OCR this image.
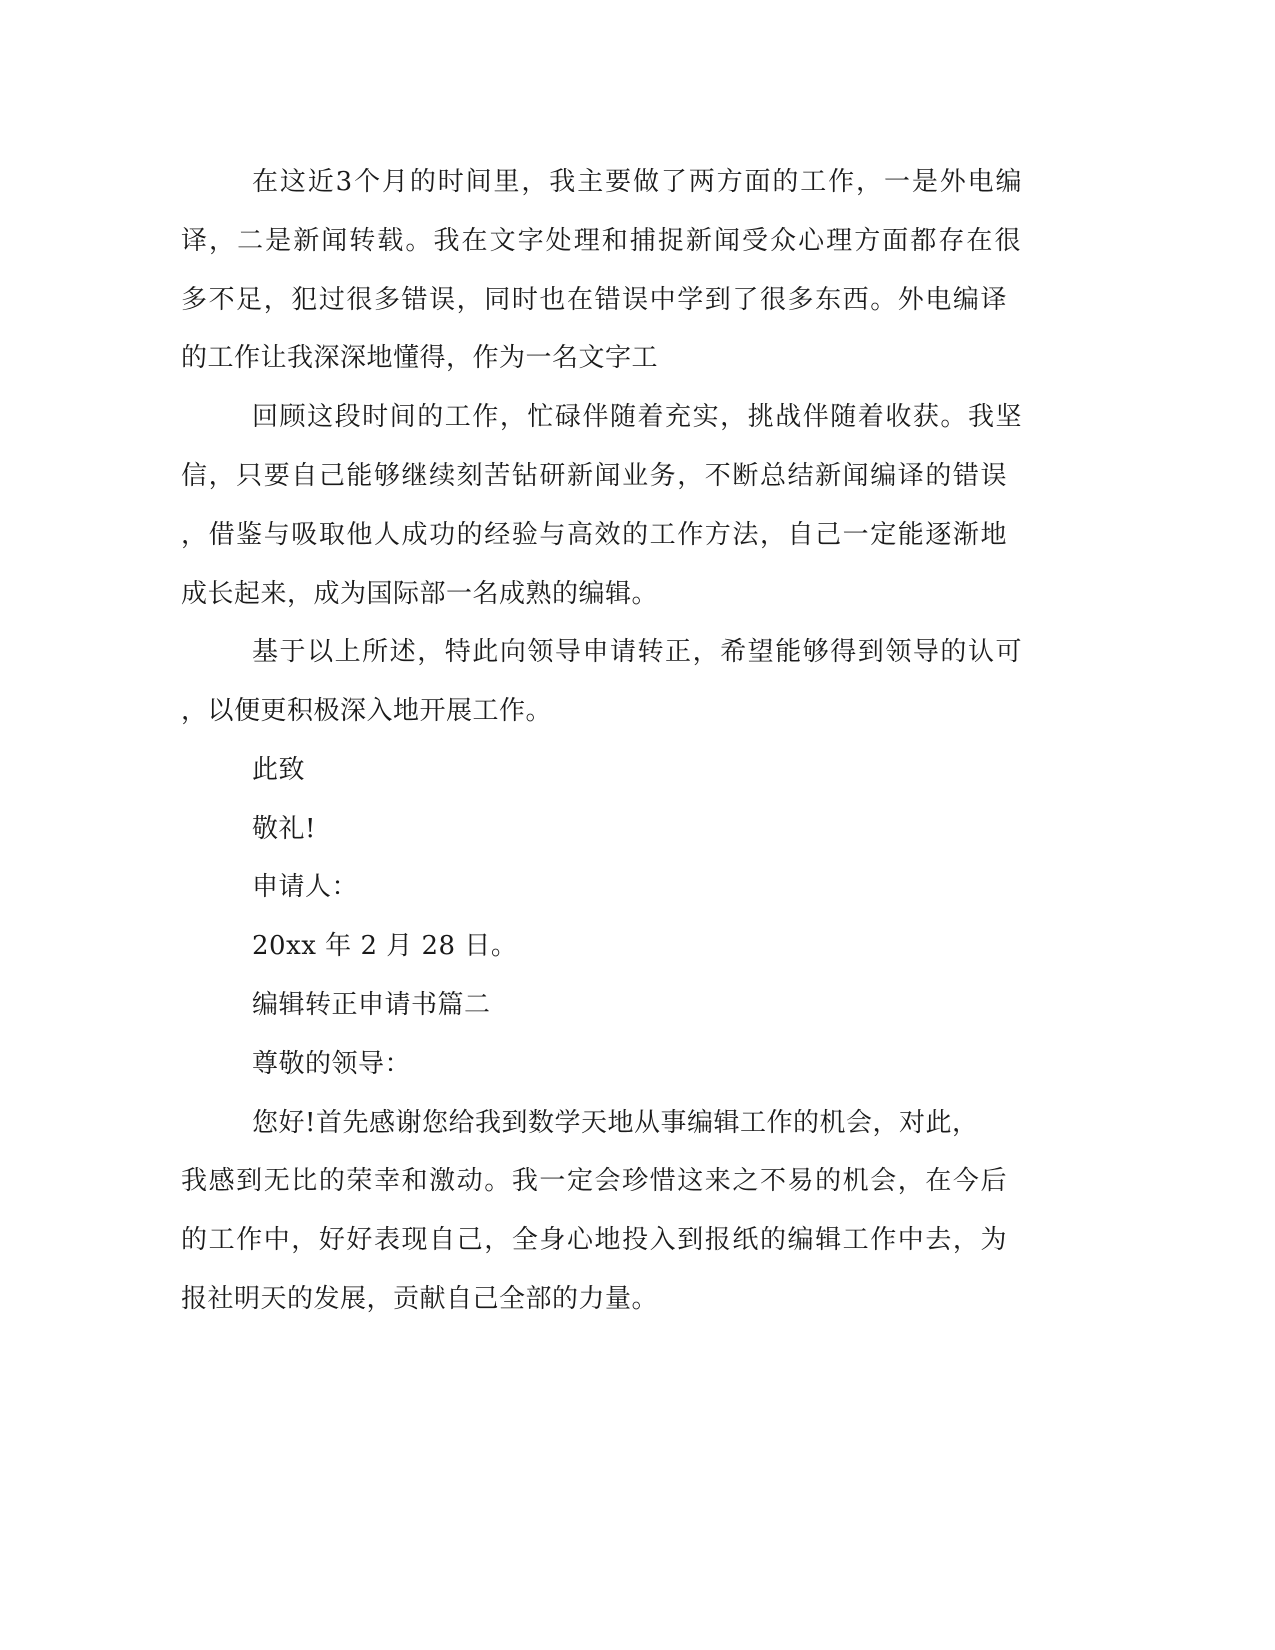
在这近3个月的时间里，我主要做了两方面的工作，一是外电编
译，二是新闻转载。我在文字处理和捕捉新闻受众心理方面都存在很
多不足，犯过很多错误，同时也在错误中学到了很多东西。外电编译
的工作让我深深地懂得，作为一名文字工
回顾这段时间的工作，忙碌伴随着充实，挑战伴随着收获。我坚
信，只要自己能够继续刻苦钻研新闻业务，不断总结新闻编译的错误
，借鉴与吸取他人成功的经验与高效的工作方法，自己一定能逐渐地
成长起来，成为国际部一名成熟的编辑。
基于以上所述，特此向领导申请转正，希望能够得到领导的认可
，以便更积极深入地开展工作。
此致
敬礼!
申请人：
20xx 年 2 月 28 日。
编辑转正申请书篇二
尊敬的领导：
您好!首先感谢您给我到数学天地从事编辑工作的机会，对此，
我感到无比的荣幸和激动。我一定会珍惜这来之不易的机会，在今后
的工作中，好好表现自己，全身心地投入到报纸的编辑工作中去，为
报社明天的发展，贡献自己全部的力量。
